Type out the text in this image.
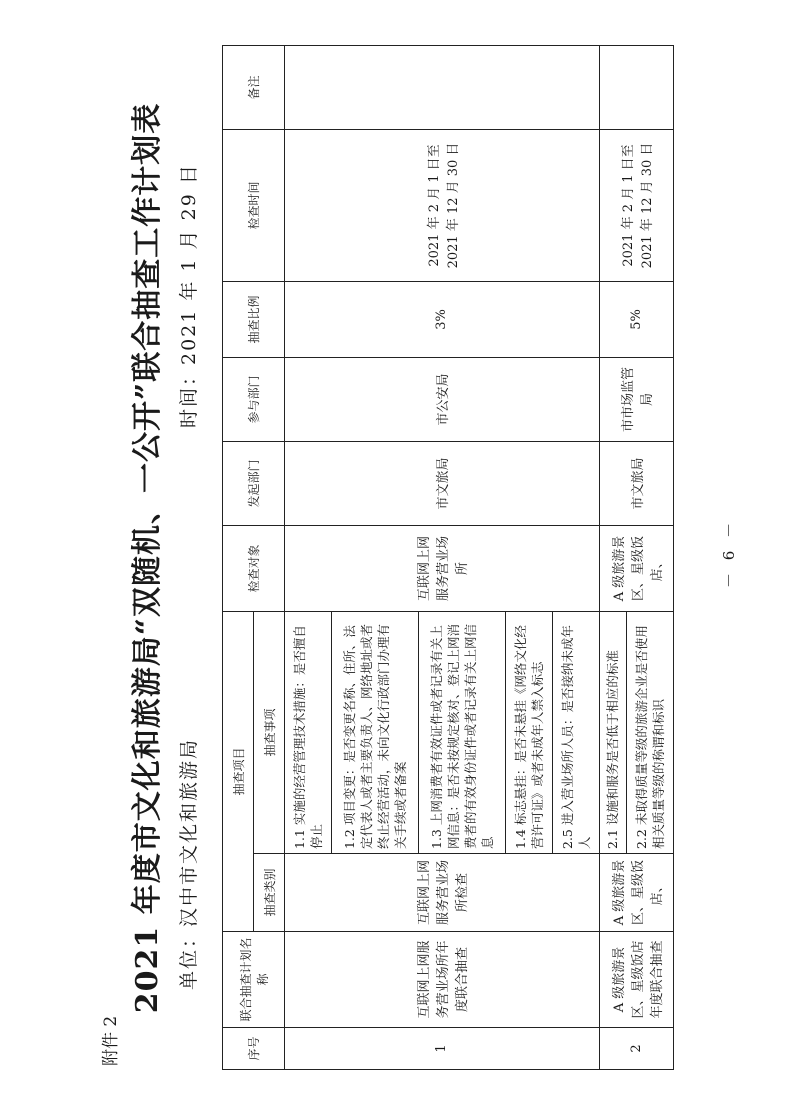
附件 2
2021 年度市文化和旅游局“双随机、一公开”联合抽查工作计划表 单位：汉中市文化和旅游局
时间：2021 年 1 月 29 日
序号	联合抽查计划名称	抽查项目		检查对象	发起部门	参与部门	抽查比例	检查时间	备注
		抽查类别	抽查事项						
1	互联网上网服务营业场所年度联合抽查	互联网上网服务营业场所检查	1.1 实施的经营管理技术措施：是否擅自停止	互联网上网服务营业场所	市文旅局	市公安局	3%	2021 年 2 月 1 日至 2021 年 12 月 30 日	

			1.2 项目变更：是否变更名称、住所、法定代表人或者主要负责人、网络地址或者终止经营活动，未向文化行政部门办理有关手续或者备案						
			1.3 上网消费者有效证件或者记录有关上网信息：是否未按规定核对、登记上网消费者的有效身份证件或者记录有关上网信息						
			1.4 标志悬挂：是否未悬挂《网络文化经营许可证》或者未成年人禁入标志						
			2.5 进入营业场所人员：是否接纳未成年人						
2	A 级旅游景区、星级饭店年度联合抽查	A 级旅游景区、星级饭店、	2.1 设施和服务是否低于相应的标准	A 级旅游景区、星级饭店、	市文旅局	市市场监管局	5%	2021 年 2 月 1 日至 2021 年 12 月 30 日	

			2.2 未取得质量等级的旅游企业是否使用相关质量等级的称谓和标识						
－ 6 －
